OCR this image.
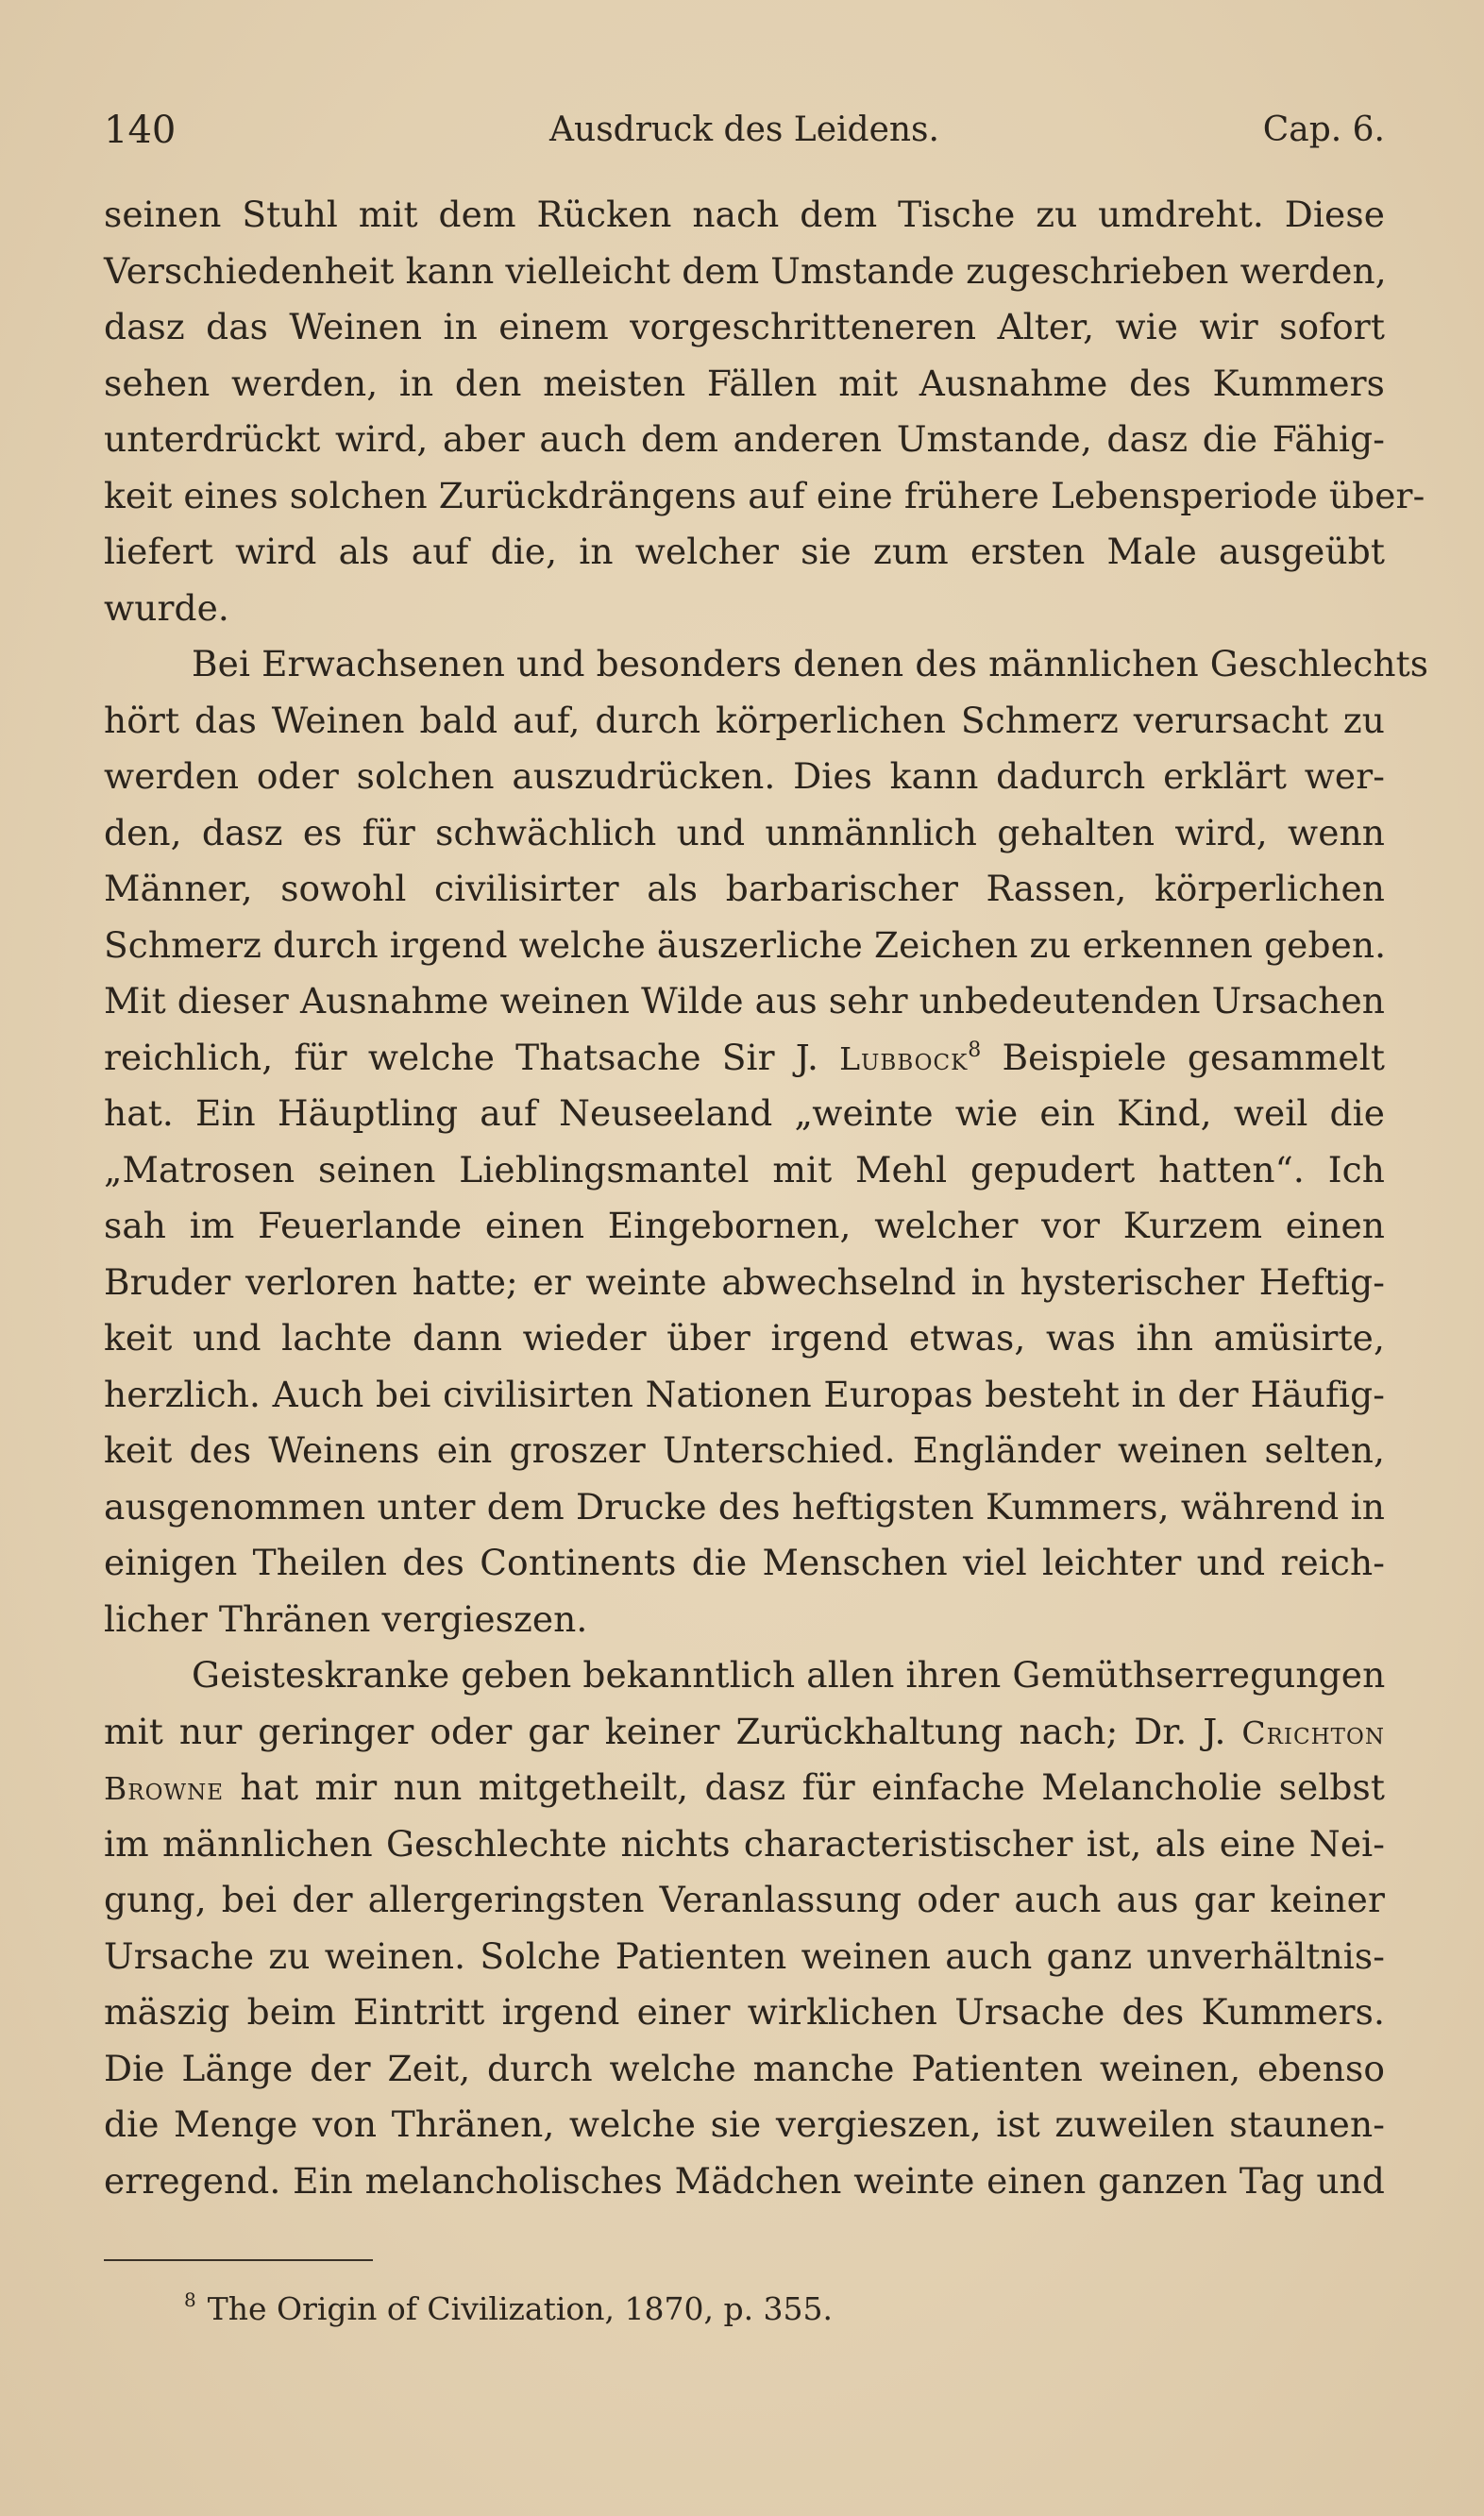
140	Ausdruck des Leidens.	Cap. 6.
seinen Stuhl mit dem Rücken nach dem Tische zu umdreht. Diese
Verschiedenheit kann vielleicht dem Umstande zugeschrieben werden,
dasz das Weinen in einem vorgeschritteneren Alter, wie wir sofort
sehen werden, in den meisten Fällen mit Ausnahme des Kummers
unterdrückt wird, aber auch dem anderen Umstande, dasz die Fähig-
keit eines solchen Zurückdrängens auf eine frühere Lebensperiode über-
liefert wird als auf die, in welcher sie zum ersten Male ausgeübt
wurde.
Bei Erwachsenen und besonders denen des männlichen Geschlechts
hört das Weinen bald auf, durch körperlichen Schmerz verursacht zu
werden oder solchen auszudrücken. Dies kann dadurch erklärt wer-
den, dasz es für schwächlich und unmännlich gehalten wird, wenn
Männer, sowohl civilisirter als barbarischer Rassen, körperlichen
Schmerz durch irgend welche äuszerliche Zeichen zu erkennen geben.
Mit dieser Ausnahme weinen Wilde aus sehr unbedeutenden Ursachen
reichlich, für welche Thatsache Sir J. Lubbock$^8$ Beispiele gesammelt
hat. Ein Häuptling auf Neuseeland „weinte wie ein Kind, weil die
„Matrosen seinen Lieblingsmantel mit Mehl gepudert hatten“. Ich
sah im Feuerlande einen Eingebornen, welcher vor Kurzem einen
Bruder verloren hatte; er weinte abwechselnd in hysterischer Heftig-
keit und lachte dann wieder über irgend etwas, was ihn amüsirte,
herzlich. Auch bei civilisirten Nationen Europas besteht in der Häufig-
keit des Weinens ein groszer Unterschied. Engländer weinen selten,
ausgenommen unter dem Drucke des heftigsten Kummers, während in
einigen Theilen des Continents die Menschen viel leichter und reich-
licher Thränen vergieszen.
Geisteskranke geben bekanntlich allen ihren Gemüthserregungen
mit nur geringer oder gar keiner Zurückhaltung nach; Dr. J. Crichton
Browne hat mir nun mitgetheilt, dasz für einfache Melancholie selbst
im männlichen Geschlechte nichts characteristischer ist, als eine Nei-
gung, bei der allergeringsten Veranlassung oder auch aus gar keiner
Ursache zu weinen. Solche Patienten weinen auch ganz unverhältnis-
mäszig beim Eintritt irgend einer wirklichen Ursache des Kummers.
Die Länge der Zeit, durch welche manche Patienten weinen, ebenso
die Menge von Thränen, welche sie vergieszen, ist zuweilen staunen-
erregend. Ein melancholisches Mädchen weinte einen ganzen Tag und
$^8$ The Origin of Civilization, 1870, p. 355.
